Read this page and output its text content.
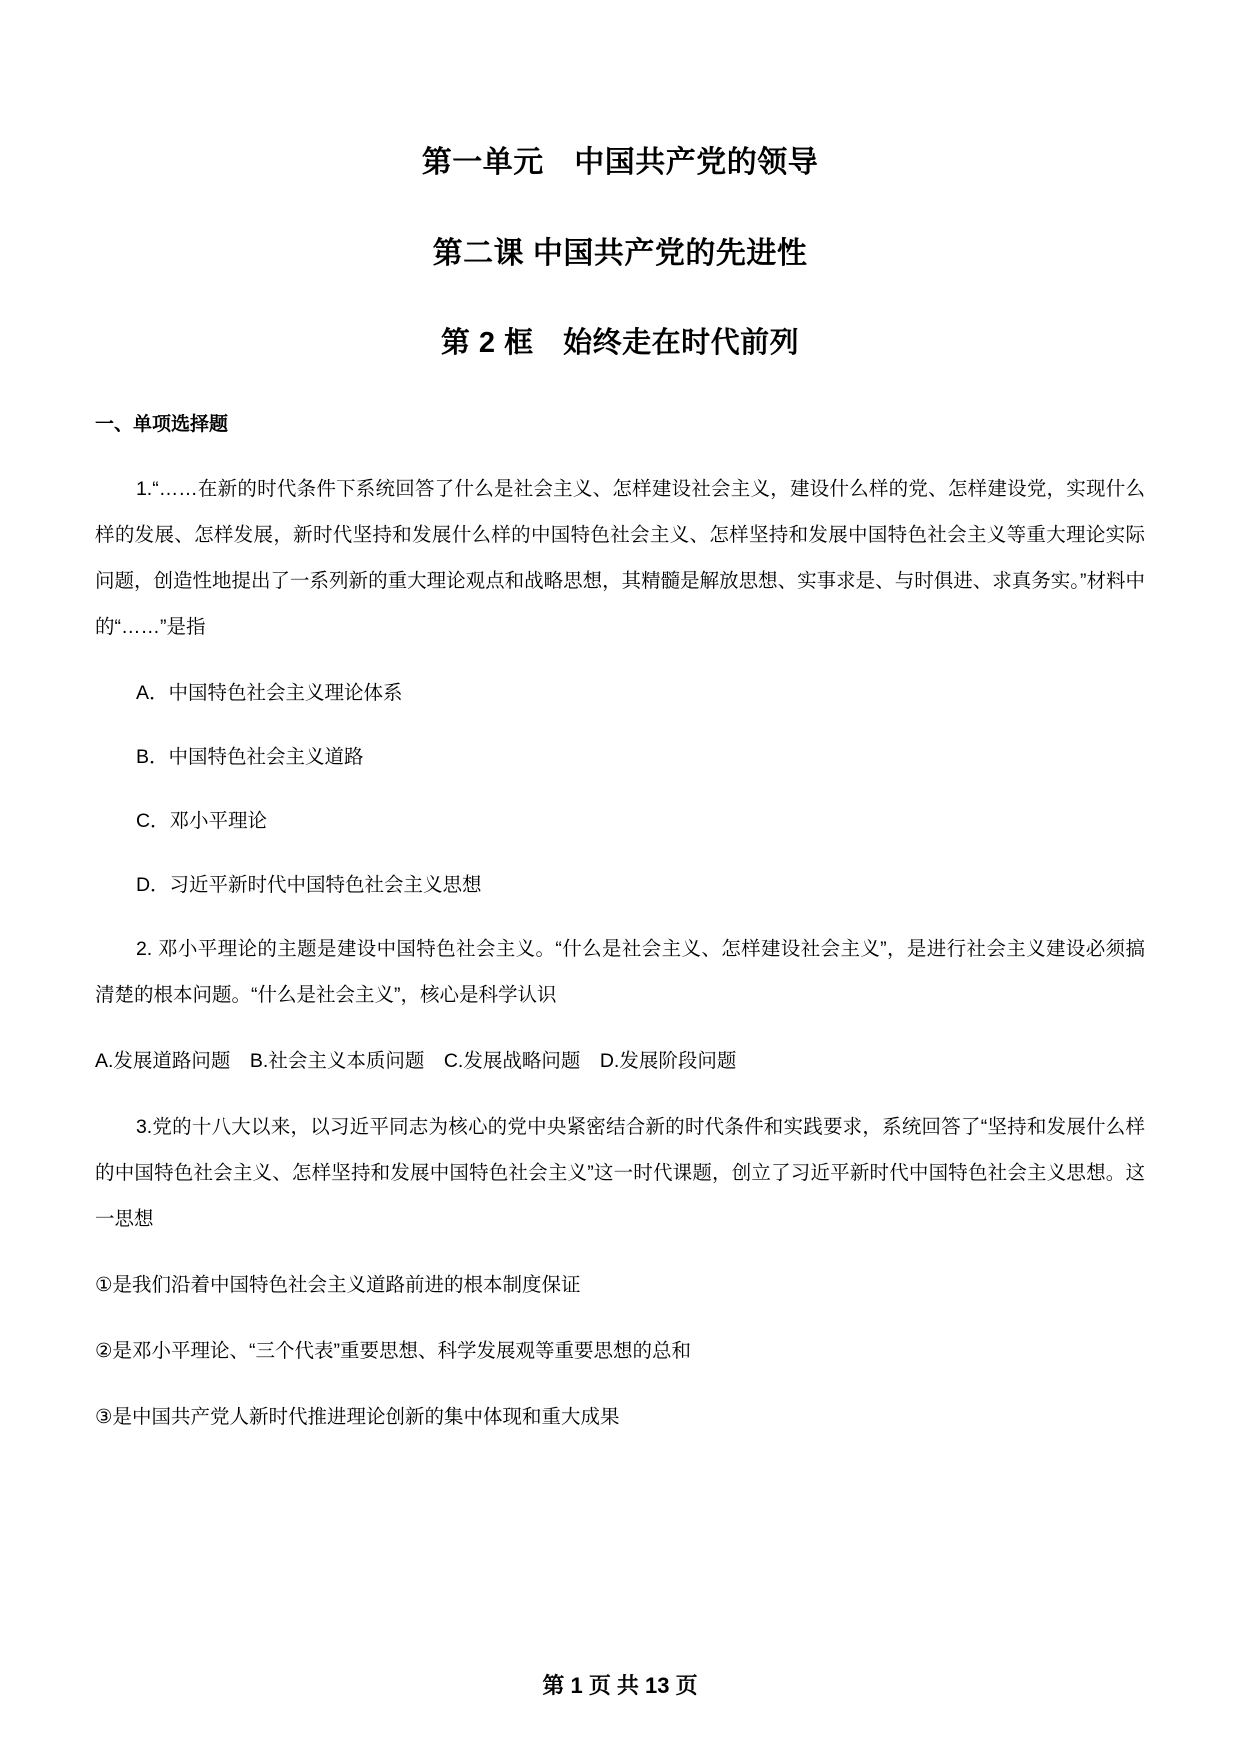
第一单元　中国共产党的领导
第二课 中国共产党的先进性
第 2 框　始终走在时代前列
一、单项选择题

1.“……在新的时代条件下系统回答了什么是社会主义、怎样建设社会主义，建设什么样的党、怎样建设党，实现什么样的发展、怎样发展，新时代坚持和发展什么样的中国特色社会主义、怎样坚持和发展中国特色社会主义等重大理论实际问题，创造性地提出了一系列新的重大理论观点和战略思想，其精髓是解放思想、实事求是、与时俱进、求真务实。”材料中的“……”是指

A．中国特色社会主义理论体系

B．中国特色社会主义道路

C．邓小平理论

D．习近平新时代中国特色社会主义思想

2. 邓小平理论的主题是建设中国特色社会主义。“什么是社会主义、怎样建设社会主义”，是进行社会主义建设必须搞清楚的根本问题。“什么是社会主义”，核心是科学认识

A.发展道路问题　B.社会主义本质问题　C.发展战略问题　D.发展阶段问题

3.党的十八大以来，以习近平同志为核心的党中央紧密结合新的时代条件和实践要求，系统回答了“坚持和发展什么样的中国特色社会主义、怎样坚持和发展中国特色社会主义”这一时代课题，创立了习近平新时代中国特色社会主义思想。这一思想

①是我们沿着中国特色社会主义道路前进的根本制度保证

②是邓小平理论、“三个代表”重要思想、科学发展观等重要思想的总和

③是中国共产党人新时代推进理论创新的集中体现和重大成果

第 1 页 共 13 页
